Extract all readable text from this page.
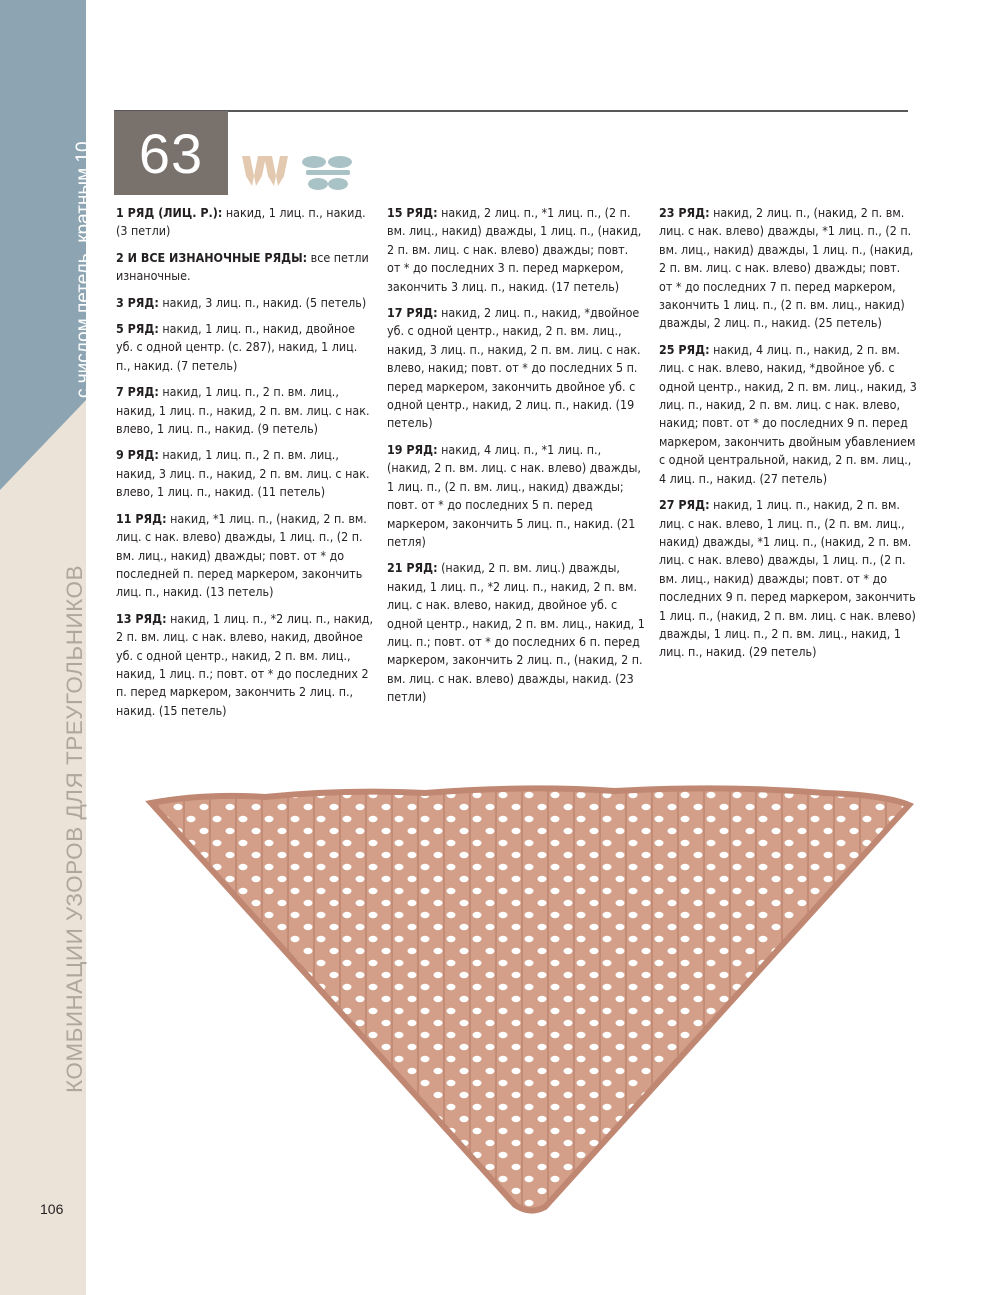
КОМБИНАЦИИ УЗОРОВ ДЛЯ ТРЕУГОЛЬНИКОВ
с числом петель, кратным 10 63

1 РЯД (ЛИЦ. Р.): накид, 1 лиц. п., накид. (3 петли)

2 И ВСЕ ИЗНАНОЧНЫЕ РЯДЫ: все петли изнаночные.

3 РЯД: накид, 3 лиц. п., накид. (5 петель)

5 РЯД: накид, 1 лиц. п., накид, двойное уб. с одной центр. (с. 287), накид, 1 лиц. п., накид. (7 петель)

7 РЯД: накид, 1 лиц. п., 2 п. вм. лиц., накид, 1 лиц. п., накид, 2 п. вм. лиц. с нак. влево, 1 лиц. п., накид. (9 петель)

9 РЯД: накид, 1 лиц. п., 2 п. вм. лиц., накид, 3 лиц. п., накид, 2 п. вм. лиц. с нак. влево, 1 лиц. п., накид. (11 петель)

11 РЯД: накид, *1 лиц. п., (накид, 2 п. вм. лиц. с нак. влево) дважды, 1 лиц. п., (2 п. вм. лиц., накид) дважды; повт. от * до последней п. перед маркером, закончить лиц. п., накид. (13 петель)

13 РЯД: накид, 1 лиц. п., *2 лиц. п., накид, 2 п. вм. лиц. с нак. влево, накид, двойное уб. с одной центр., накид, 2 п. вм. лиц., накид, 1 лиц. п.; повт. от * до последних 2 п. перед маркером, закончить 2 лиц. п., накид. (15 петель)

15 РЯД: накид, 2 лиц. п., *1 лиц. п., (2 п. вм. лиц., накид) дважды, 1 лиц. п., (накид, 2 п. вм. лиц. с нак. влево) дважды; повт. от * до последних 3 п. перед маркером, закончить 3 лиц. п., накид. (17 петель)

17 РЯД: накид, 2 лиц. п., накид, *двойное уб. с одной центр., накид, 2 п. вм. лиц., накид, 3 лиц. п., накид, 2 п. вм. лиц. с нак. влево, накид; повт. от * до последних 5 п. перед маркером, закончить двойное уб. с одной центр., накид, 2 лиц. п., накид. (19 петель)

19 РЯД: накид, 4 лиц. п., *1 лиц. п., (накид, 2 п. вм. лиц. с нак. влево) дважды, 1 лиц. п., (2 п. вм. лиц., накид) дважды; повт. от * до последних 5 п. перед маркером, закончить 5 лиц. п., накид. (21 петля)

21 РЯД: (накид, 2 п. вм. лиц.) дважды, накид, 1 лиц. п., *2 лиц. п., накид, 2 п. вм. лиц. с нак. влево, накид, двойное уб. с одной центр., накид, 2 п. вм. лиц., накид, 1 лиц. п.; повт. от * до последних 6 п. перед маркером, закончить 2 лиц. п., (накид, 2 п. вм. лиц. с нак. влево) дважды, накид. (23 петли)

23 РЯД: накид, 2 лиц. п., (накид, 2 п. вм. лиц. с нак. влево) дважды, *1 лиц. п., (2 п. вм. лиц., накид) дважды, 1 лиц. п., (накид, 2 п. вм. лиц. с нак. влево) дважды; повт. от * до последних 7 п. перед маркером, закончить 1 лиц. п., (2 п. вм. лиц., накид) дважды, 2 лиц. п., накид. (25 петель)

25 РЯД: накид, 4 лиц. п., накид, 2 п. вм. лиц. с нак. влево, накид, *двойное уб. с одной центр., накид, 2 п. вм. лиц., накид, 3 лиц. п., накид, 2 п. вм. лиц. с нак. влево, накид; повт. от * до последних 9 п. перед маркером, закончить двойным убавлением с одной центральной, накид, 2 п. вм. лиц., 4 лиц. п., накид. (27 петель)

27 РЯД: накид, 1 лиц. п., накид, 2 п. вм. лиц. с нак. влево, 1 лиц. п., (2 п. вм. лиц., накид) дважды, *1 лиц. п., (накид, 2 п. вм. лиц. с нак. влево) дважды, 1 лиц. п., (2 п. вм. лиц., накид) дважды; повт. от * до последних 9 п. перед маркером, закончить 1 лиц. п., (накид, 2 п. вм. лиц. с нак. влево) дважды, 1 лиц. п., 2 п. вм. лиц., накид, 1 лиц. п., накид. (29 петель)

106
